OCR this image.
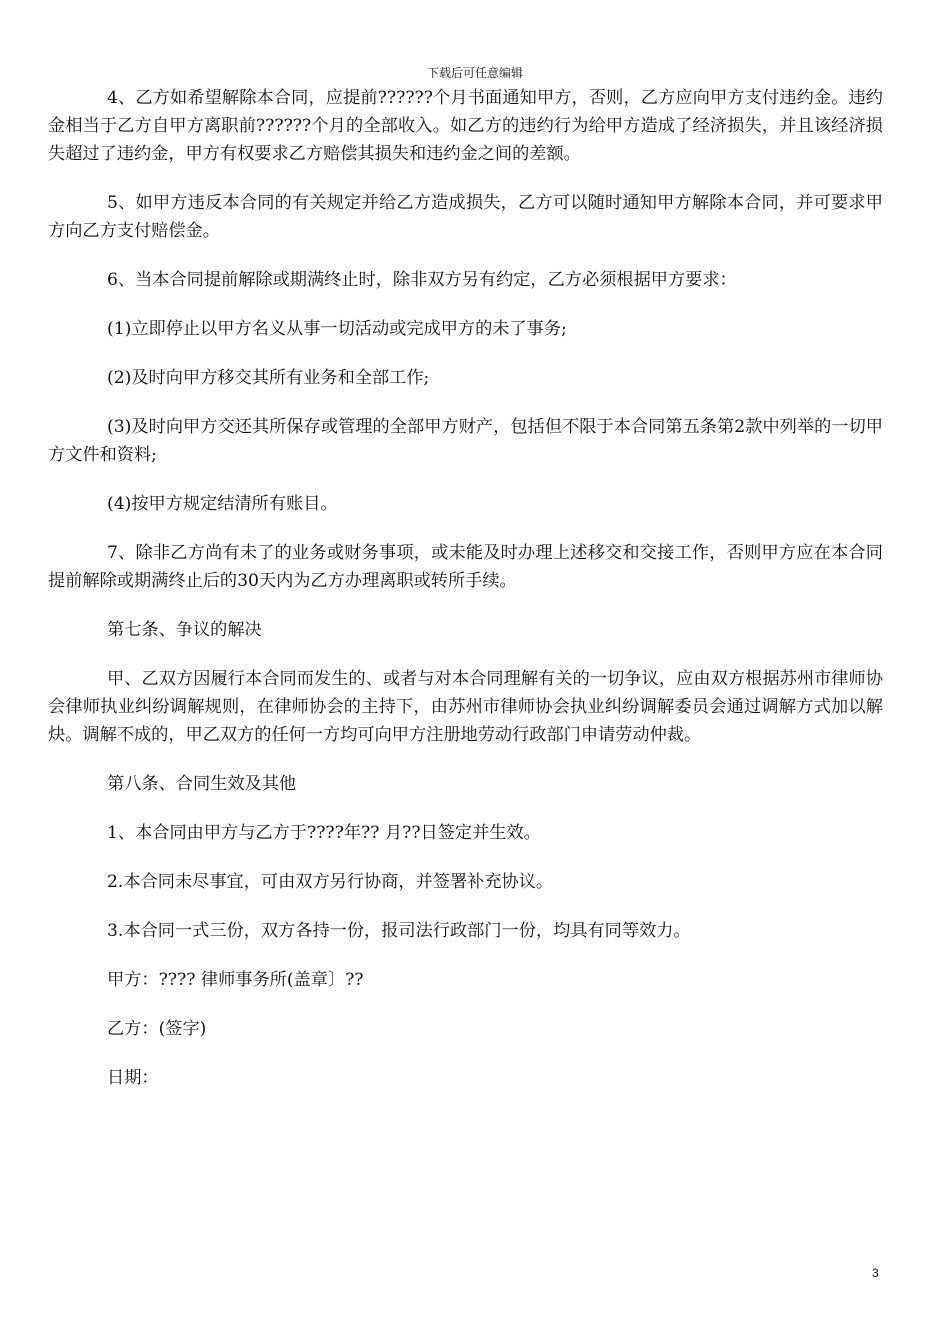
下载后可任意编辑

4、乙方如希望解除本合同，应提前??????个月书面通知甲方，否则，乙方应向甲方支付违约金。违约金相当于乙方自甲方离职前??????个月的全部收入。如乙方的违约行为给甲方造成了经济损失，并且该经济损失超过了违约金，甲方有权要求乙方赔偿其损失和违约金之间的差额。

5、如甲方违反本合同的有关规定并给乙方造成损失，乙方可以随时通知甲方解除本合同，并可要求甲方向乙方支付赔偿金。

6、当本合同提前解除或期满终止时，除非双方另有约定，乙方必须根据甲方要求：

(1)立即停止以甲方名义从事一切活动或完成甲方的未了事务;

(2)及时向甲方移交其所有业务和全部工作;

(3)及时向甲方交还其所保存或管理的全部甲方财产，包括但不限于本合同第五条第2款中列举的一切甲方文件和资料;

(4)按甲方规定结清所有账目。

7、除非乙方尚有未了的业务或财务事项，或未能及时办理上述移交和交接工作，否则甲方应在本合同提前解除或期满终止后的30天内为乙方办理离职或转所手续。

第七条、争议的解决

甲、乙双方因履行本合同而发生的、或者与对本合同理解有关的一切争议，应由双方根据苏州市律师协会律师执业纠纷调解规则，在律师协会的主持下，由苏州市律师协会执业纠纷调解委员会通过调解方式加以解炔。调解不成的，甲乙双方的任何一方均可向甲方注册地劳动行政部门申请劳动仲裁。

第八条、合同生效及其他

1、本合同由甲方与乙方于????年?? 月??日签定并生效。

2.本合同未尽事宜，可由双方另行协商，并签署补充协议。

3.本合同一式三份，双方各持一份，报司法行政部门一份，均具有同等效力。

甲方：???? 律师事务所(盖章〕??

乙方：(签字)

日期：

3
